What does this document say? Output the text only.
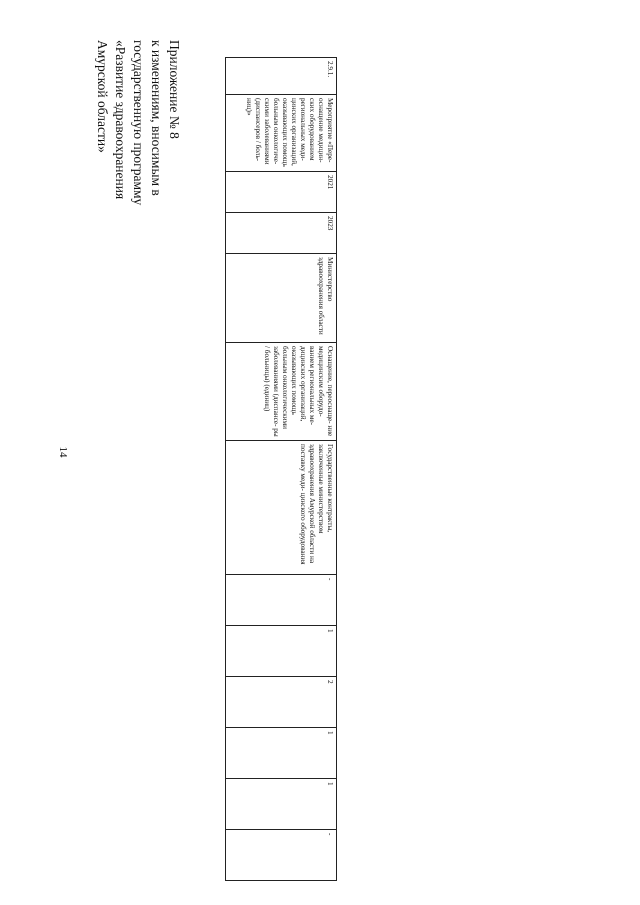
14
Приложение № 8
к изменениям, вносимым в
государственную программу
«Развитие здравоохранения
Амурской области»	2.9.1.	Мероприятие «Пере- оснащение медицин- ских оборудованием региональных меди- цинских организаций, оказывающих помощь больным онкологиче- скими заболеваниями (диспансеров / боль- ниц)»	2021	2023	Министерство здравоохранения области	Оснащение, переоснаще- ние медицинским оборудо- ванием региональных ме- дицинских организаций, оказывающих помощь больным онкологическими заболеваниями (диспансе- ры / больницы) (единиц)	Государственные контракты, заключенные министерством здравоохранения Амурской области на поставку меди- цинского оборудования	-	1	2	1	1	-
